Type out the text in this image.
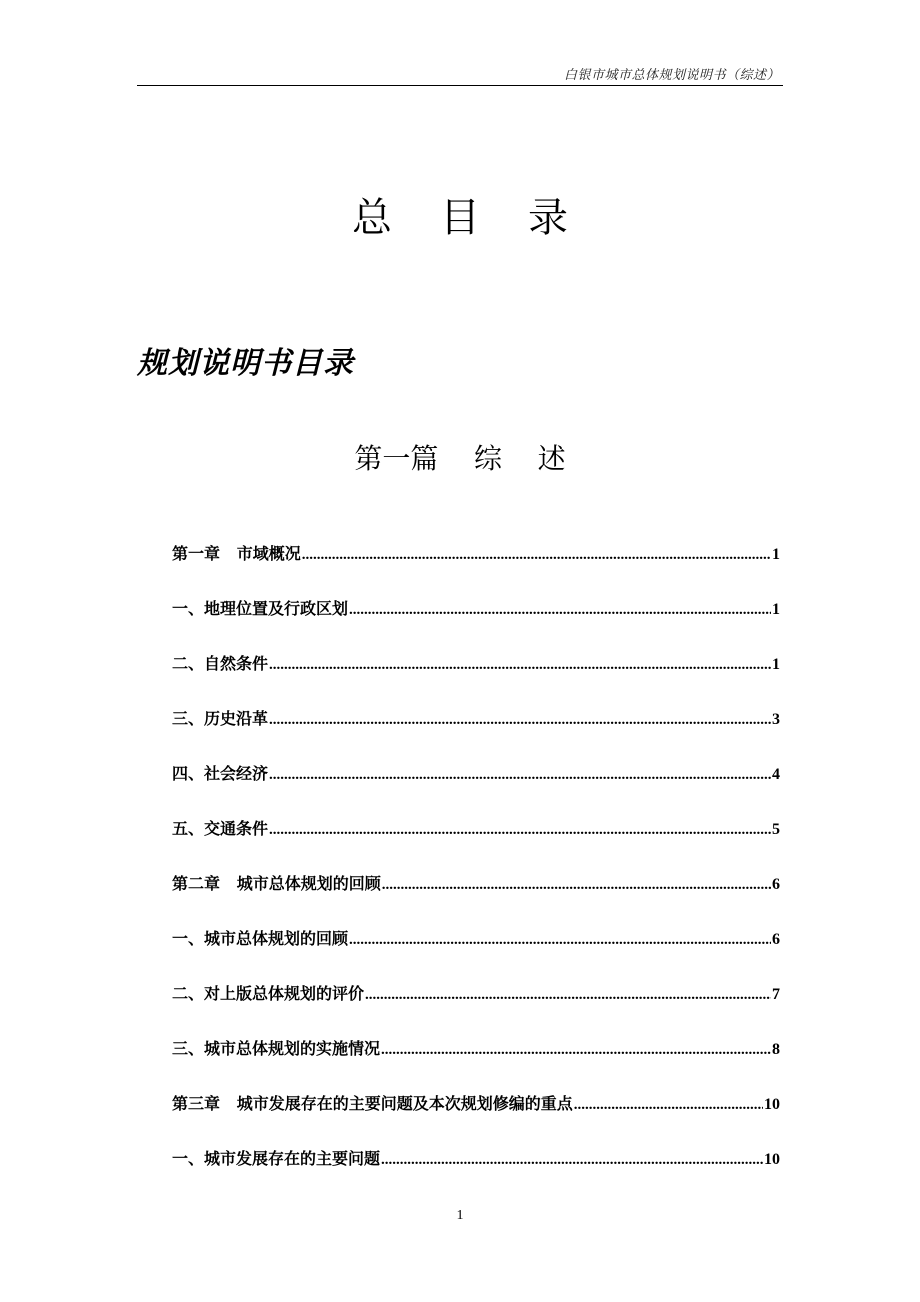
白银市城市总体规划说明书（综述）
总目录
规划说明书目录
第一篇    综    述
第一章   市域概况 .....	1
一、地理位置及行政区划 .....	1
二、自然条件 .....	1
三、历史沿革 .....	3
四、社会经济 .....	4
五、交通条件 .....	5
第二章   城市总体规划的回顾 .....	6
一、城市总体规划的回顾 .....	6
二、对上版总体规划的评价 .....	7
三、城市总体规划的实施情况 .....	8
第三章   城市发展存在的主要问题及本次规划修编的重点 .....	10
一、城市发展存在的主要问题 .....	10
1
